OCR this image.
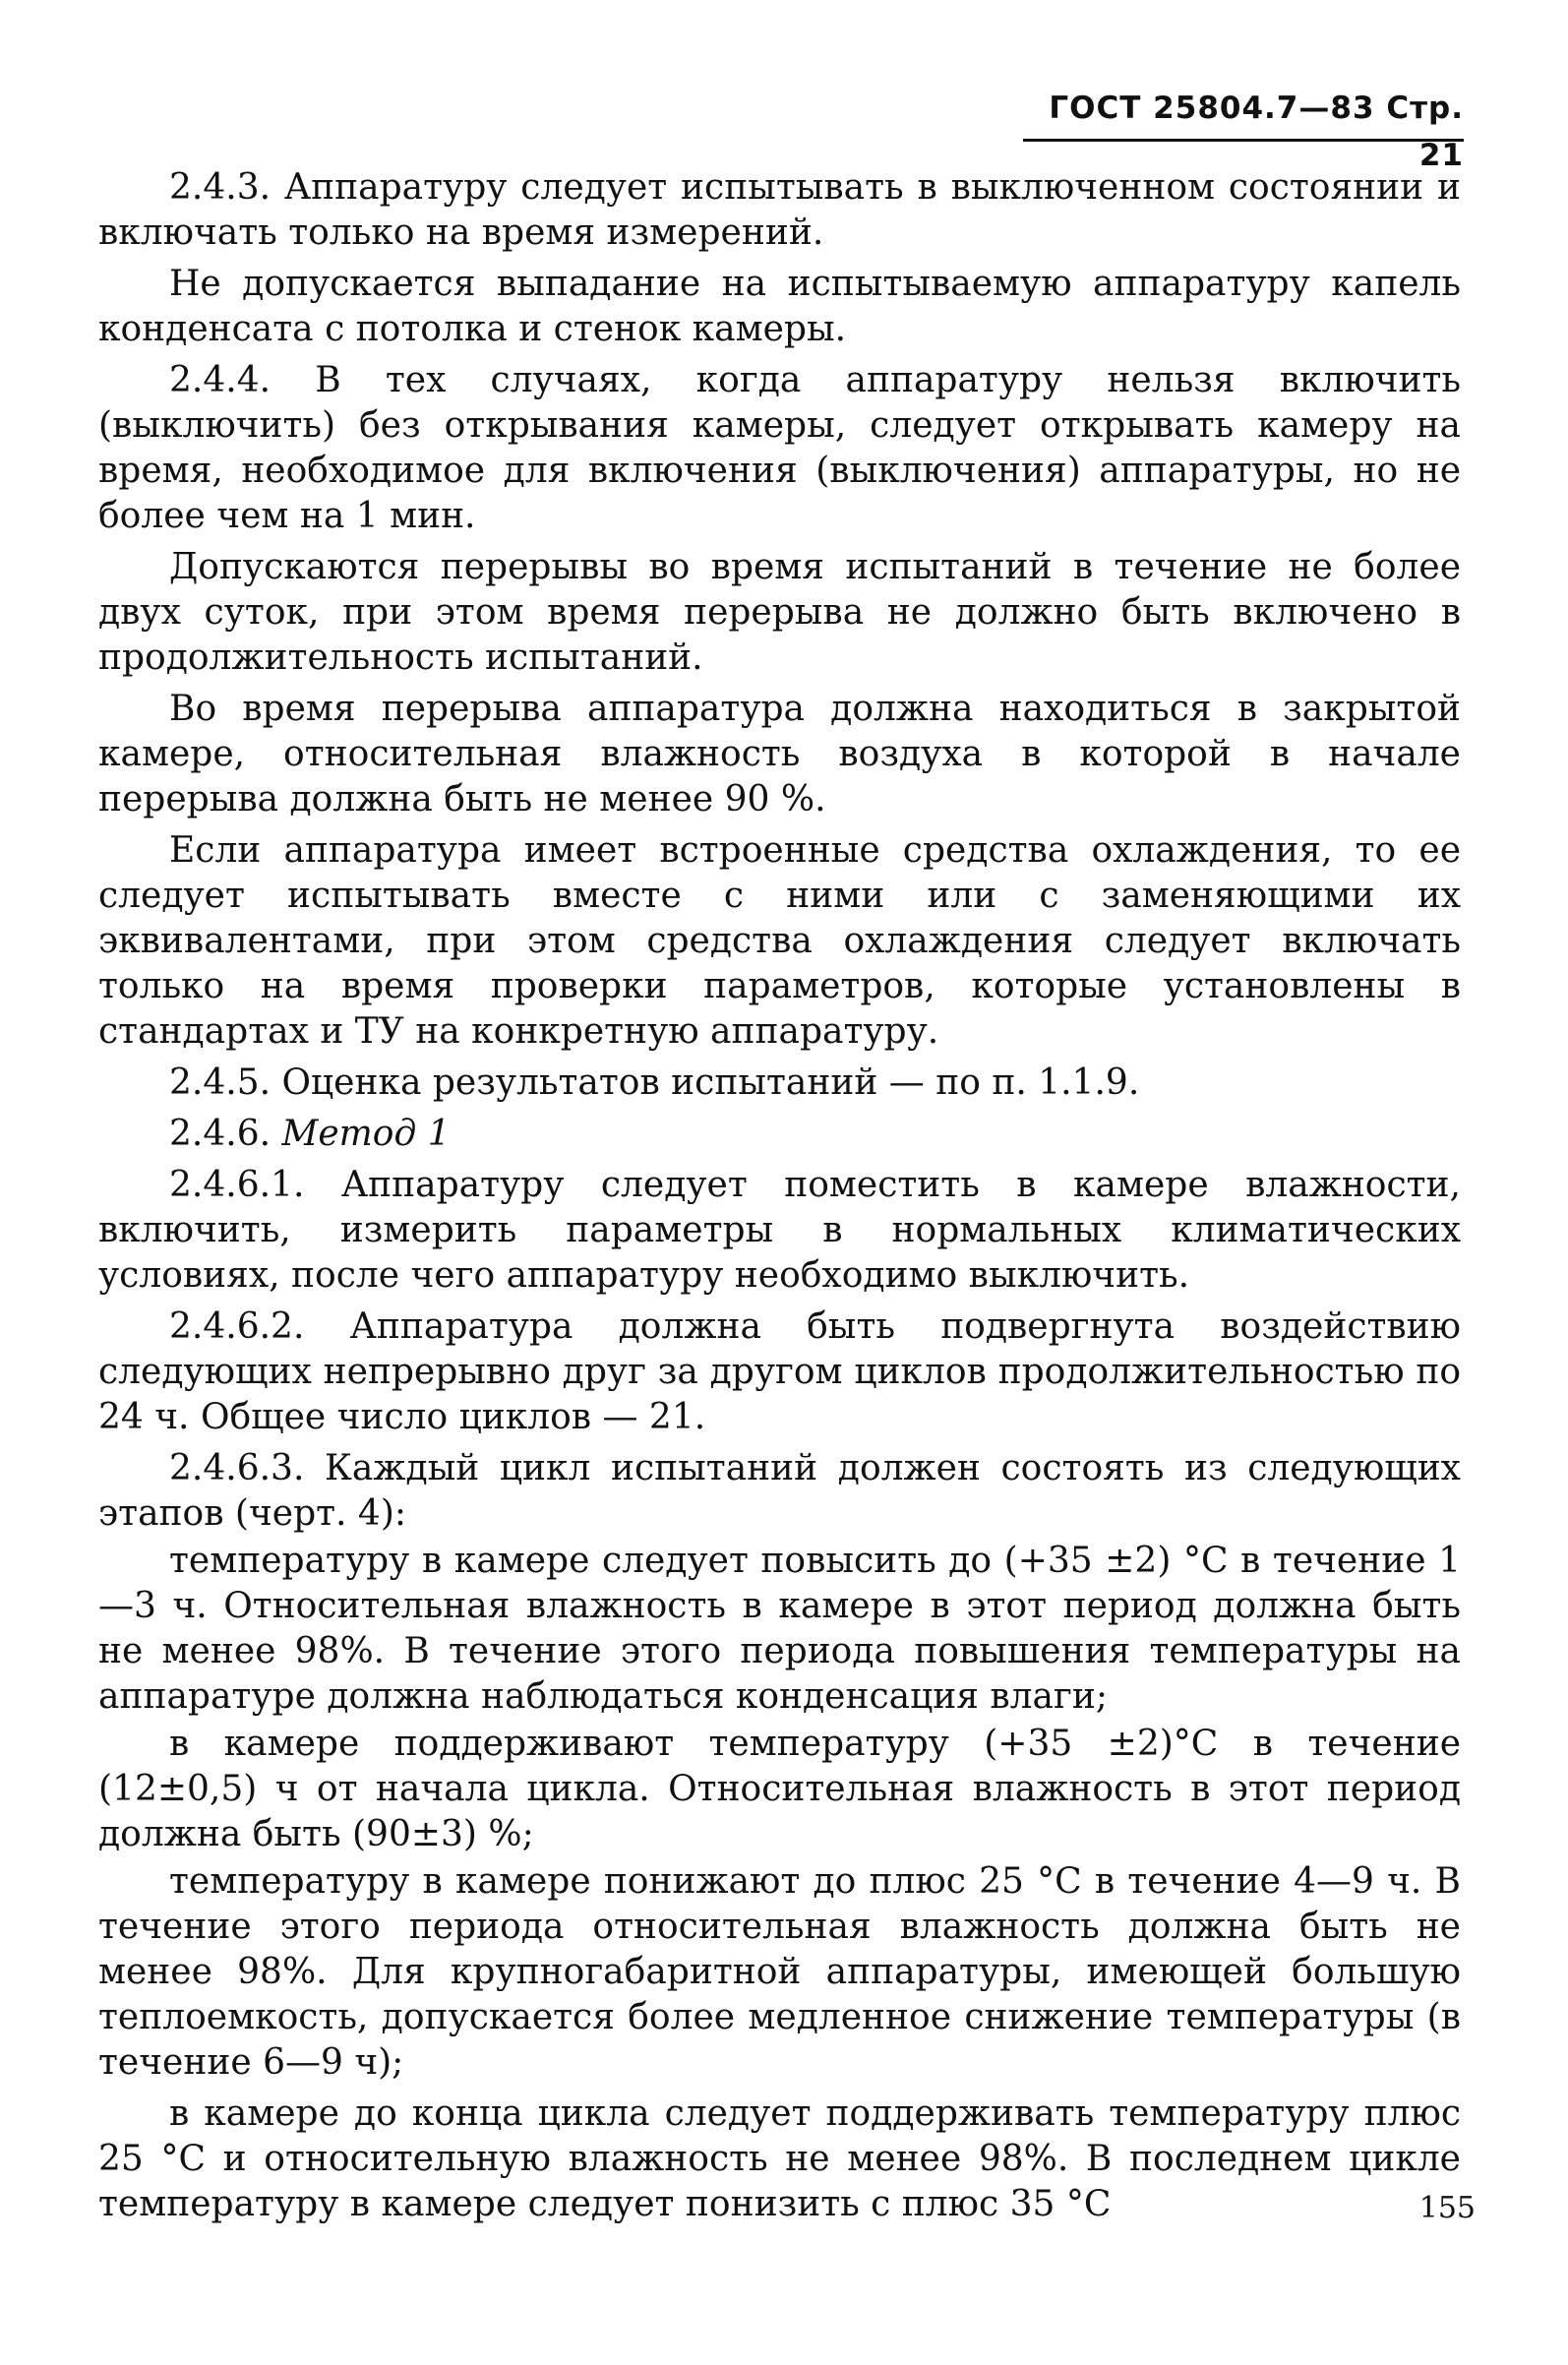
ГОСТ 25804.7—83 Стр. 21

2.4.3. Аппаратуру следует испытывать в выключенном состоянии и включать только на время измерений.

Не допускается выпадание на испытываемую аппаратуру капель конденсата с потолка и стенок камеры.

2.4.4. В тех случаях, когда аппаратуру нельзя включить (выключить) без открывания камеры, следует открывать камеру на время, необходимое для включения (выключения) аппаратуры, но не более чем на 1 мин.

Допускаются перерывы во время испытаний в течение не более двух суток, при этом время перерыва не должно быть включено в продолжительность испытаний.

Во время перерыва аппаратура должна находиться в закрытой камере, относительная влажность воздуха в которой в начале перерыва должна быть не менее 90 %.

Если аппаратура имеет встроенные средства охлаждения, то ее следует испытывать вместе с ними или с заменяющими их эквивалентами, при этом средства охлаждения следует включать только на время проверки параметров, которые установлены в стандартах и ТУ на конкретную аппаратуру.

2.4.5. Оценка результатов испытаний — по п. 1.1.9.

2.4.6. Метод 1

2.4.6.1. Аппаратуру следует поместить в камере влажности, включить, измерить параметры в нормальных климатических условиях, после чего аппаратуру необходимо выключить.

2.4.6.2. Аппаратура должна быть подвергнута воздействию следующих непрерывно друг за другом циклов продолжительностью по 24 ч. Общее число циклов — 21.

2.4.6.3. Каждый цикл испытаний должен состоять из следующих этапов (черт. 4):

температуру в камере следует повысить до (+35 ±2) °С в течение 1—3 ч. Относительная влажность в камере в этот период должна быть не менее 98%. В течение этого периода повышения температуры на аппаратуре должна наблюдаться конденсация влаги;

в камере поддерживают температуру (+35 ±2)°С в течение (12±0,5) ч от начала цикла. Относительная влажность в этот период должна быть (90±3) %;

температуру в камере понижают до плюс 25 °С в течение 4—9 ч. В течение этого периода относительная влажность должна быть не менее 98%. Для крупногабаритной аппаратуры, имеющей большую теплоемкость, допускается более медленное снижение температуры (в течение 6—9 ч);

в камере до конца цикла следует поддерживать температуру плюс 25 °С и относительную влажность не менее 98%. В последнем цикле температуру в камере следует понизить с плюс 35 °С	155
